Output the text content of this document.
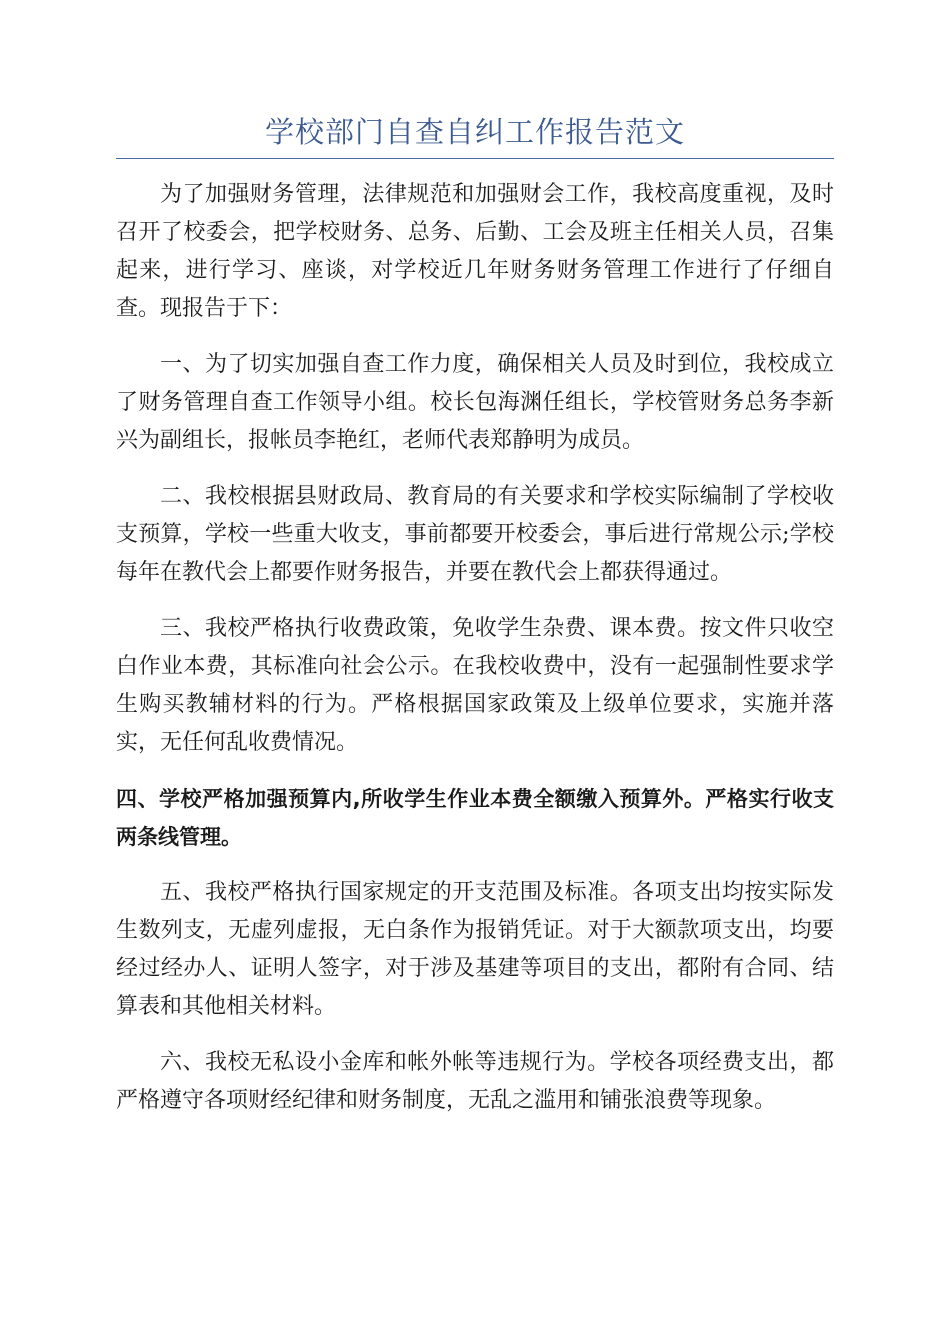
学校部门自查自纠工作报告范文

为了加强财务管理，法律规范和加强财会工作，我校高度重视，及时召开了校委会，把学校财务、总务、后勤、工会及班主任相关人员，召集起来，进行学习、座谈，对学校近几年财务财务管理工作进行了仔细自查。现报告于下：

一、为了切实加强自查工作力度，确保相关人员及时到位，我校成立了财务管理自查工作领导小组。校长包海渊任组长，学校管财务总务李新兴为副组长，报帐员李艳红，老师代表郑静明为成员。

二、我校根据县财政局、教育局的有关要求和学校实际编制了学校收支预算，学校一些重大收支，事前都要开校委会，事后进行常规公示;学校每年在教代会上都要作财务报告，并要在教代会上都获得通过。

三、我校严格执行收费政策，免收学生杂费、课本费。按文件只收空白作业本费，其标准向社会公示。在我校收费中，没有一起强制性要求学生购买教辅材料的行为。严格根据国家政策及上级单位要求，实施并落实，无任何乱收费情况。

四、学校严格加强预算内,所收学生作业本费全额缴入预算外。严格实行收支两条线管理。

五、我校严格执行国家规定的开支范围及标准。各项支出均按实际发生数列支，无虚列虚报，无白条作为报销凭证。对于大额款项支出，均要经过经办人、证明人签字，对于涉及基建等项目的支出，都附有合同、结算表和其他相关材料。

六、我校无私设小金库和帐外帐等违规行为。学校各项经费支出，都严格遵守各项财经纪律和财务制度，无乱之滥用和铺张浪费等现象。
